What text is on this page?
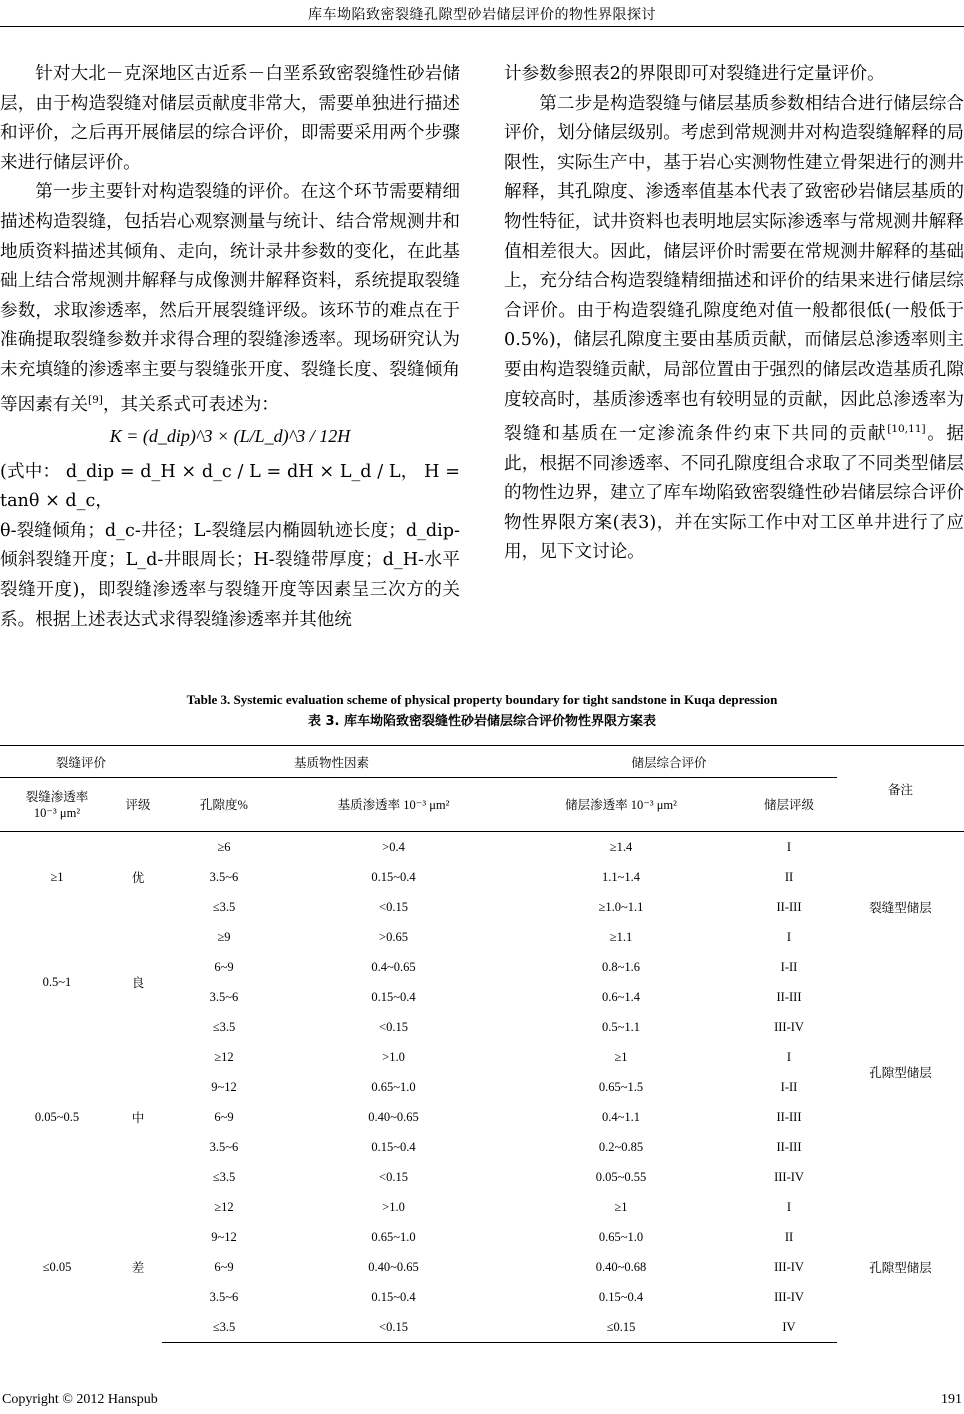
库车坳陷致密裂缝孔隙型砂岩储层评价的物性界限探讨

针对大北－克深地区古近系－白垩系致密裂缝性砂岩储层，由于构造裂缝对储层贡献度非常大，需要单独进行描述和评价，之后再开展储层的综合评价，即需要采用两个步骤来进行储层评价。

第一步主要针对构造裂缝的评价。在这个环节需要精细描述构造裂缝，包括岩心观察测量与统计、结合常规测井和地质资料描述其倾角、走向，统计录井参数的变化，在此基础上结合常规测井解释与成像测井解释资料，系统提取裂缝参数，求取渗透率，然后开展裂缝评级。该环节的难点在于准确提取裂缝参数并求得合理的裂缝渗透率。现场研究认为未充填缝的渗透率主要与裂缝张开度、裂缝长度、裂缝倾角等因素有关[9]，其关系式可表述为：

K = (d_dip)^3 × (L/L_d)^3 / 12H

(式中： d_dip = d_H × d_c / L = dH × L_d / L， H = tanθ × d_c，

θ-裂缝倾角；d_c-井径；L-裂缝层内椭圆轨迹长度；d_dip-倾斜裂缝开度；L_d-井眼周长；H-裂缝带厚度；d_H-水平裂缝开度)，即裂缝渗透率与裂缝开度等因素呈三次方的关系。根据上述表达式求得裂缝渗透率并其他统

计参数参照表2的界限即可对裂缝进行定量评价。

第二步是构造裂缝与储层基质参数相结合进行储层综合评价，划分储层级别。考虑到常规测井对构造裂缝解释的局限性，实际生产中，基于岩心实测物性建立骨架进行的测井解释，其孔隙度、渗透率值基本代表了致密砂岩储层基质的物性特征，试井资料也表明地层实际渗透率与常规测井解释值相差很大。因此，储层评价时需要在常规测井解释的基础上，充分结合构造裂缝精细描述和评价的结果来进行储层综合评价。由于构造裂缝孔隙度绝对值一般都很低(一般低于 0.5%)，储层孔隙度主要由基质贡献，而储层总渗透率则主要由构造裂缝贡献，局部位置由于强烈的储层改造基质孔隙度较高时，基质渗透率也有较明显的贡献，因此总渗透率为裂缝和基质在一定渗流条件约束下共同的贡献[10,11]。据此，根据不同渗透率、不同孔隙度组合求取了不同类型储层的物性边界，建立了库车坳陷致密裂缝性砂岩储层综合评价物性界限方案(表3)，并在实际工作中对工区单井进行了应用，见下文讨论。

Table 3. Systemic evaluation scheme of physical property boundary for tight sandstone in Kuqa depression
表 3. 库车坳陷致密裂缝性砂岩储层综合评价物性界限方案表
裂缝评价		基质物性因素		储层综合评价		备注
裂缝渗透率
10⁻³ μm²	评级	孔隙度%	基质渗透率 10⁻³ μm²	储层渗透率 10⁻³ μm²	储层评级	
≥1	优	≥6	>0.4	≥1.4	I	
		3.5~6	0.15~0.4	1.1~1.4	II	裂缝型储层
		≤3.5	<0.15	≥1.0~1.1	II-III	
0.5~1	良	≥9	>0.65	≥1.1	I	
		6~9	0.4~0.65	0.8~1.6	I-II	孔隙型储层
		3.5~6	0.15~0.4	0.6~1.4	II-III	
		≤3.5	<0.15	0.5~1.1	III-IV	
0.05~0.5	中	≥12	>1.0	≥1	I	
		9~12	0.65~1.0	0.65~1.5	I-II	
		6~9	0.40~0.65	0.4~1.1	II-III	
		3.5~6	0.15~0.4	0.2~0.85	II-III	
		≤3.5	<0.15	0.05~0.55	III-IV	
≤0.05	差	≥12	>1.0	≥1	I	孔隙型储层
		9~12	0.65~1.0	0.65~1.0	II	
		6~9	0.40~0.65	0.40~0.68	III-IV	
		3.5~6	0.15~0.4	0.15~0.4	III-IV	
		≤3.5	<0.15	≤0.15	IV	
Copyright © 2012 Hanspub	191
